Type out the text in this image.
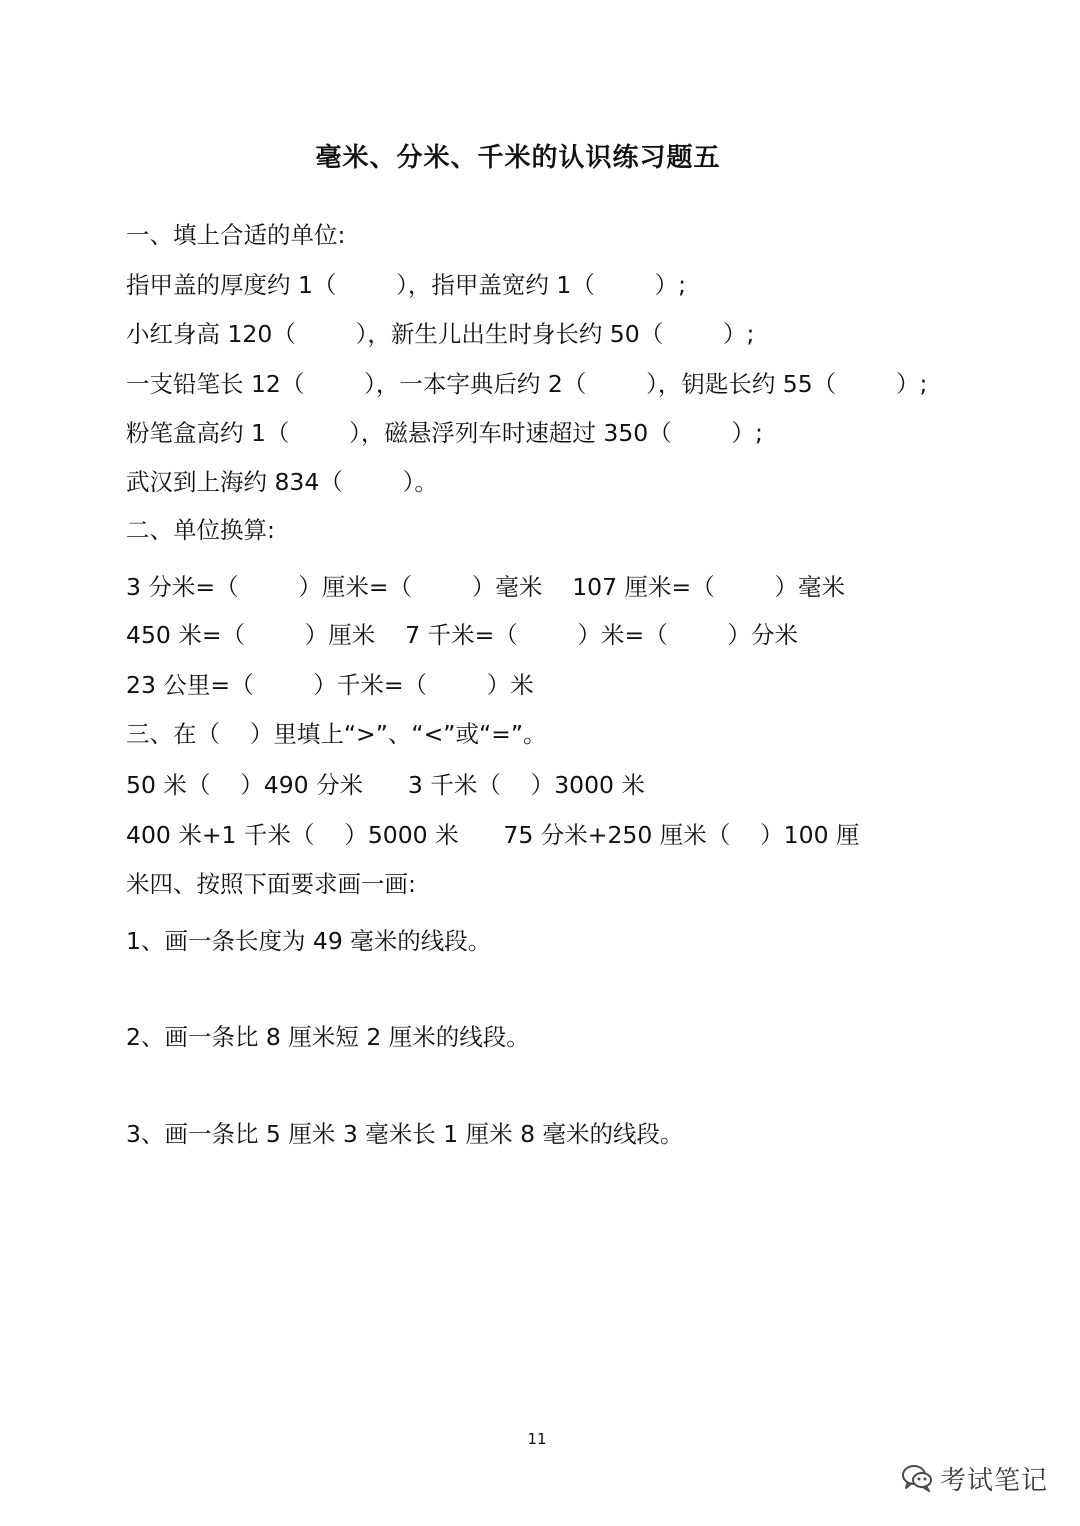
毫米、分米、千米的认识练习题五
一、填上合适的单位:
指甲盖的厚度约 1（        ），指甲盖宽约 1（        ）;
小红身高 120（        ），新生儿出生时身长约 50（        ）;
一支铅笔长 12（        ），一本字典后约 2（        ），钥匙长约 55（        ）;
粉笔盒高约 1（        ），磁悬浮列车时速超过 350（        ）;
武汉到上海约 834（        ）。
二、单位换算:
3 分米=（        ）厘米=（        ）毫米    107 厘米=（        ）毫米
450 米=（        ）厘米    7 千米=（        ）米=（        ）分米
23 公里=（        ）千米=（        ）米
三、在（    ）里填上“>”、“<”或“=”。
50 米（    ）490 分米      3 千米（    ）3000 米
400 米+1 千米（    ）5000 米      75 分米+250 厘米（    ）100 厘
米四、按照下面要求画一画:
1、画一条长度为 49 毫米的线段。
2、画一条比 8 厘米短 2 厘米的线段。
3、画一条比 5 厘米 3 毫米长 1 厘米 8 毫米的线段。
11
考试笔记
